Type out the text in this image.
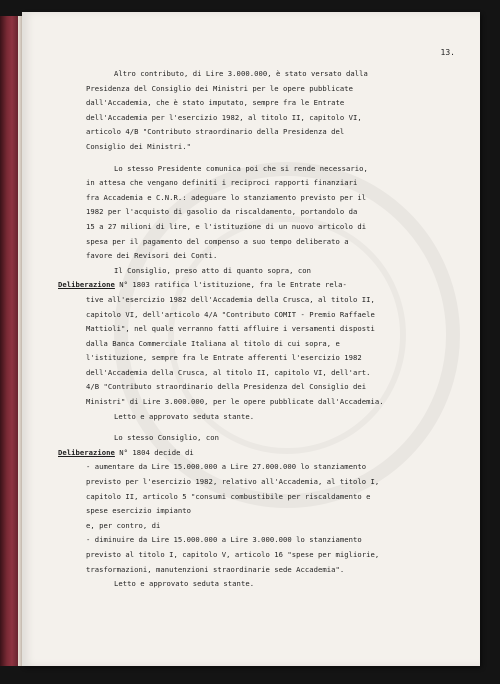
13.
Altro contributo, di Lire 3.000.000, è stato versato dalla
Presidenza del Consiglio dei Ministri per le opere pubblicate
dall'Accademia, che è stato imputato, sempre fra le Entrate
dell'Accademia per l'esercizio 1982, al titolo II, capitolo VI,
articolo 4/B "Contributo straordinario della Presidenza del
Consiglio dei Ministri."
Lo stesso Presidente comunica poi che si rende necessario,
in attesa che vengano definiti i reciproci rapporti finanziari
fra Accademia e C.N.R.: adeguare lo stanziamento previsto per il
1982 per l'acquisto di gasolio da riscaldamento, portandolo da
15 a 27 milioni di lire, e l'istituzione di un nuovo articolo di
spesa per il pagamento del compenso a suo tempo deliberato a
favore dei Revisori dei Conti.
Il Consiglio, preso atto di quanto sopra, con
Deliberazione N° 1803 ratifica l'istituzione, fra le Entrate rela-
tive all'esercizio 1982 dell'Accademia della Crusca, al titolo II,
capitolo VI, dell'articolo 4/A "Contributo COMIT - Premio Raffaele
Mattioli", nel quale verranno fatti affluire i versamenti disposti
dalla Banca Commerciale Italiana al titolo di cui sopra, e
l'istituzione, sempre fra le Entrate afferenti l'esercizio 1982
dell'Accademia della Crusca, al titolo II, capitolo VI, dell'art.
4/B "Contributo straordinario della Presidenza del Consiglio dei
Ministri" di Lire 3.000.000, per le opere pubblicate dall'Accademia.
Letto e approvato seduta stante.
Lo stesso Consiglio, con
Deliberazione N° 1804 decide di
- aumentare da Lire 15.000.000 a Lire 27.000.000 lo stanziamento
previsto per l'esercizio 1982, relativo all'Accademia, al titolo I,
capitolo II, articolo 5 "consumi combustibile per riscaldamento e
spese esercizio impianto
e, per contro, di
- diminuire da Lire 15.000.000 a Lire 3.000.000 lo stanziamento
previsto al titolo I, capitolo V, articolo 16 "spese per migliorie,
trasformazioni, manutenzioni straordinarie sede Accademia".
Letto e approvato seduta stante.
